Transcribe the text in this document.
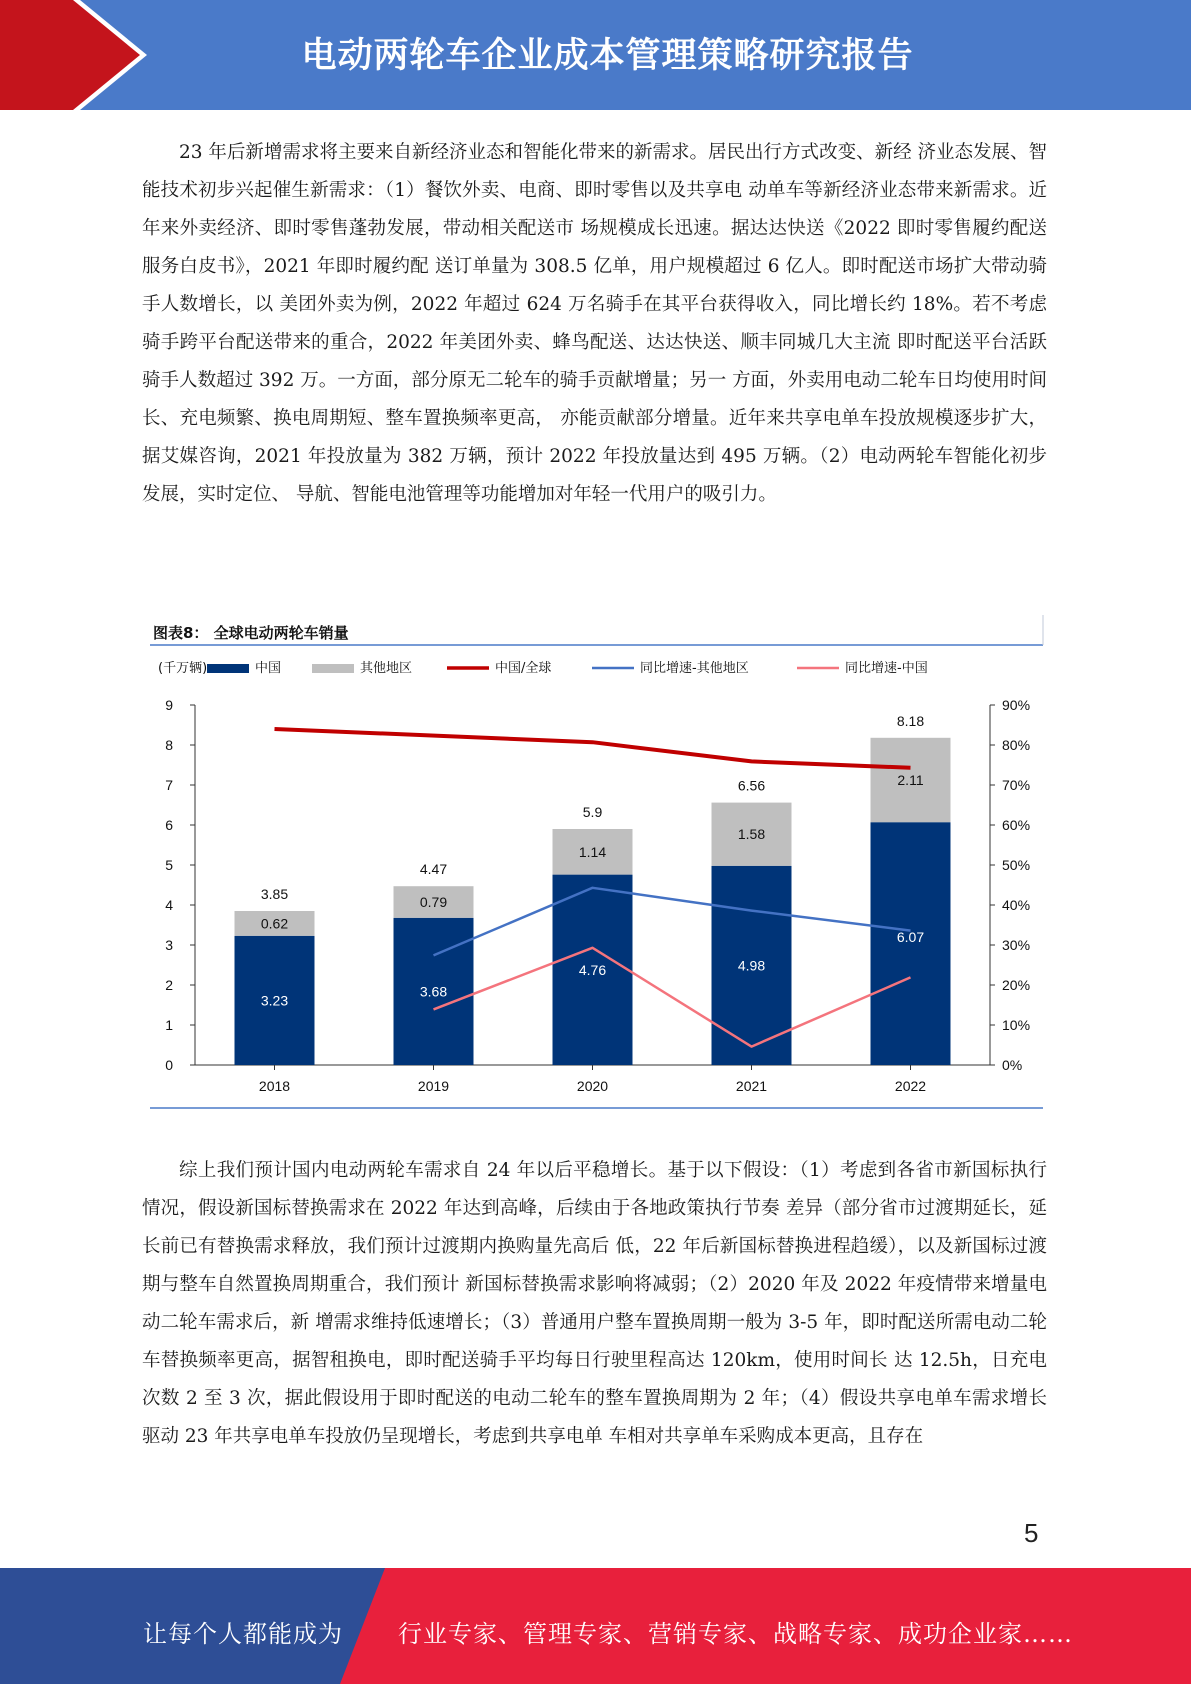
电动两轮车企业成本管理策略研究报告

23 年后新增需求将主要来自新经济业态和智能化带来的新需求。居民出行方式改变、新经 济业态发展、智能技术初步兴起催生新需求：（1）餐饮外卖、电商、即时零售以及共享电 动单车等新经济业态带来新需求。近年来外卖经济、即时零售蓬勃发展，带动相关配送市 场规模成长迅速。据达达快送《2022 即时零售履约配送服务白皮书》，2021 年即时履约配 送订单量为 308.5 亿单，用户规模超过 6 亿人。即时配送市场扩大带动骑手人数增长，以 美团外卖为例，2022 年超过 624 万名骑手在其平台获得收入，同比增长约 18%。若不考虑 骑手跨平台配送带来的重合，2022 年美团外卖、蜂鸟配送、达达快送、顺丰同城几大主流 即时配送平台活跃骑手人数超过 392 万。一方面，部分原无二轮车的骑手贡献增量；另一 方面，外卖用电动二轮车日均使用时间长、充电频繁、换电周期短、整车置换频率更高， 亦能贡献部分增量。近年来共享电单车投放规模逐步扩大，据艾媒咨询，2021 年投放量为 382 万辆，预计 2022 年投放量达到 495 万辆。（2）电动两轮车智能化初步发展，实时定位、 导航、智能电池管理等功能增加对年轻一代用户的吸引力。

0
1
2
3
4
5
6
7
8
9
0%
10%
20%
30%
40%
50%
60%
70%
80%
90%
2018
3.85
0.62
3.23
2019
4.47
0.79
3.68
2020
5.9
1.14
4.76
2021
6.56
1.58
4.98
2022
8.18
2.11
6.07
(千万辆)	中国	其他地区	中国/全球	同比增速-其他地区	同比增速-中国
图表8： 全球电动两轮车销量

综上我们预计国内电动两轮车需求自 24 年以后平稳增长。基于以下假设：（1）考虑到各省市新国标执行情况，假设新国标替换需求在 2022 年达到高峰，后续由于各地政策执行节奏 差异（部分省市过渡期延长，延长前已有替换需求释放，我们预计过渡期内换购量先高后 低，22 年后新国标替换进程趋缓），以及新国标过渡期与整车自然置换周期重合，我们预计 新国标替换需求影响将减弱；（2）2020 年及 2022 年疫情带来增量电动二轮车需求后，新 增需求维持低速增长；（3）普通用户整车置换周期一般为 3-5 年，即时配送所需电动二轮 车替换频率更高，据智租换电，即时配送骑手平均每日行驶里程高达 120km，使用时间长 达 12.5h，日充电次数 2 至 3 次，据此假设用于即时配送的电动二轮车的整车置换周期为 2 年；（4）假设共享电单车需求增长驱动 23 年共享电单车投放仍呈现增长，考虑到共享电单 车相对共享单车采购成本更高，且存在

5
让每个人都能成为 行业专家、管理专家、营销专家、战略专家、成功企业家……
